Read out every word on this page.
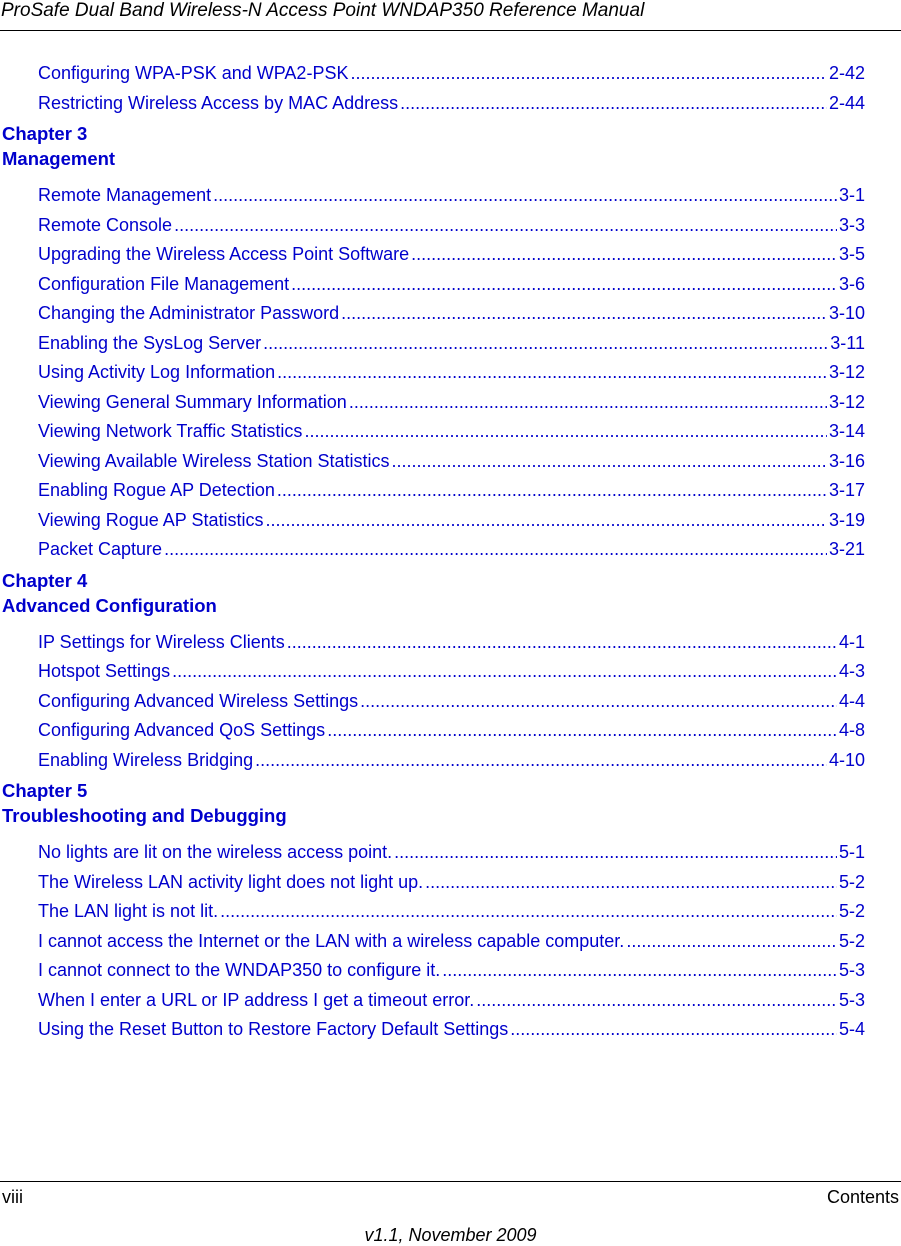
ProSafe Dual Band Wireless-N Access Point WNDAP350 Reference Manual
Configuring WPA-PSK and WPA2-PSK .....	2-42
Restricting Wireless Access by MAC Address .....	2-44
Chapter 3
Management
Remote Management .....	3-1
Remote Console .....	3-3
Upgrading the Wireless Access Point Software .....	3-5
Configuration File Management .....	3-6
Changing the Administrator Password .....	3-10
Enabling the SysLog Server .....	3-11
Using Activity Log Information .....	3-12
Viewing General Summary Information .....	3-12
Viewing Network Traffic Statistics .....	3-14
Viewing Available Wireless Station Statistics .....	3-16
Enabling Rogue AP Detection .....	3-17
Viewing Rogue AP Statistics .....	3-19
Packet Capture .....	3-21
Chapter 4
Advanced Configuration
IP Settings for Wireless Clients .....	4-1
Hotspot Settings .....	4-3
Configuring Advanced Wireless Settings .....	4-4
Configuring Advanced QoS Settings .....	4-8
Enabling Wireless Bridging .....	4-10
Chapter 5
Troubleshooting and Debugging
No lights are lit on the wireless access point. .....	5-1
The Wireless LAN activity light does not light up. .....	5-2
The LAN light is not lit. .....	5-2
I cannot access the Internet or the LAN with a wireless capable computer. .....	5-2
I cannot connect to the WNDAP350 to configure it. .....	5-3
When I enter a URL or IP address I get a timeout error. .....	5-3
Using the Reset Button to Restore Factory Default Settings .....	5-4
viii	Contents
v1.1, November 2009
